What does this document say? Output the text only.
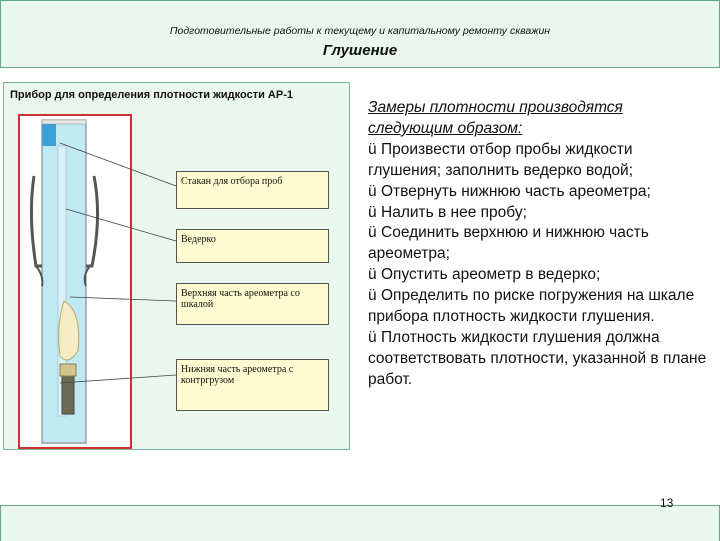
Подготовительные работы к текущему и капитальному ремонту скважин
Глушение
Прибор для определения плотности жидкости АР-1
Стакан для отбора проб
Ведерко
Верхняя часть ареометра со шкалой
Нижняя часть ареометра с контргрузом
Замеры плотности производятся следующим образом:
ü Произвести отбор пробы жидкости глушения; заполнить ведерко водой;
ü Отвернуть нижнюю часть ареометра;
ü Налить в нее пробу;
ü Соединить верхнюю и нижнюю часть ареометра;
ü Опустить ареометр в ведерко;
ü Определить по риске погружения на шкале прибора плотность жидкости глушения.
ü Плотность жидкости глушения должна соответствовать плотности, указанной в плане работ.
13
